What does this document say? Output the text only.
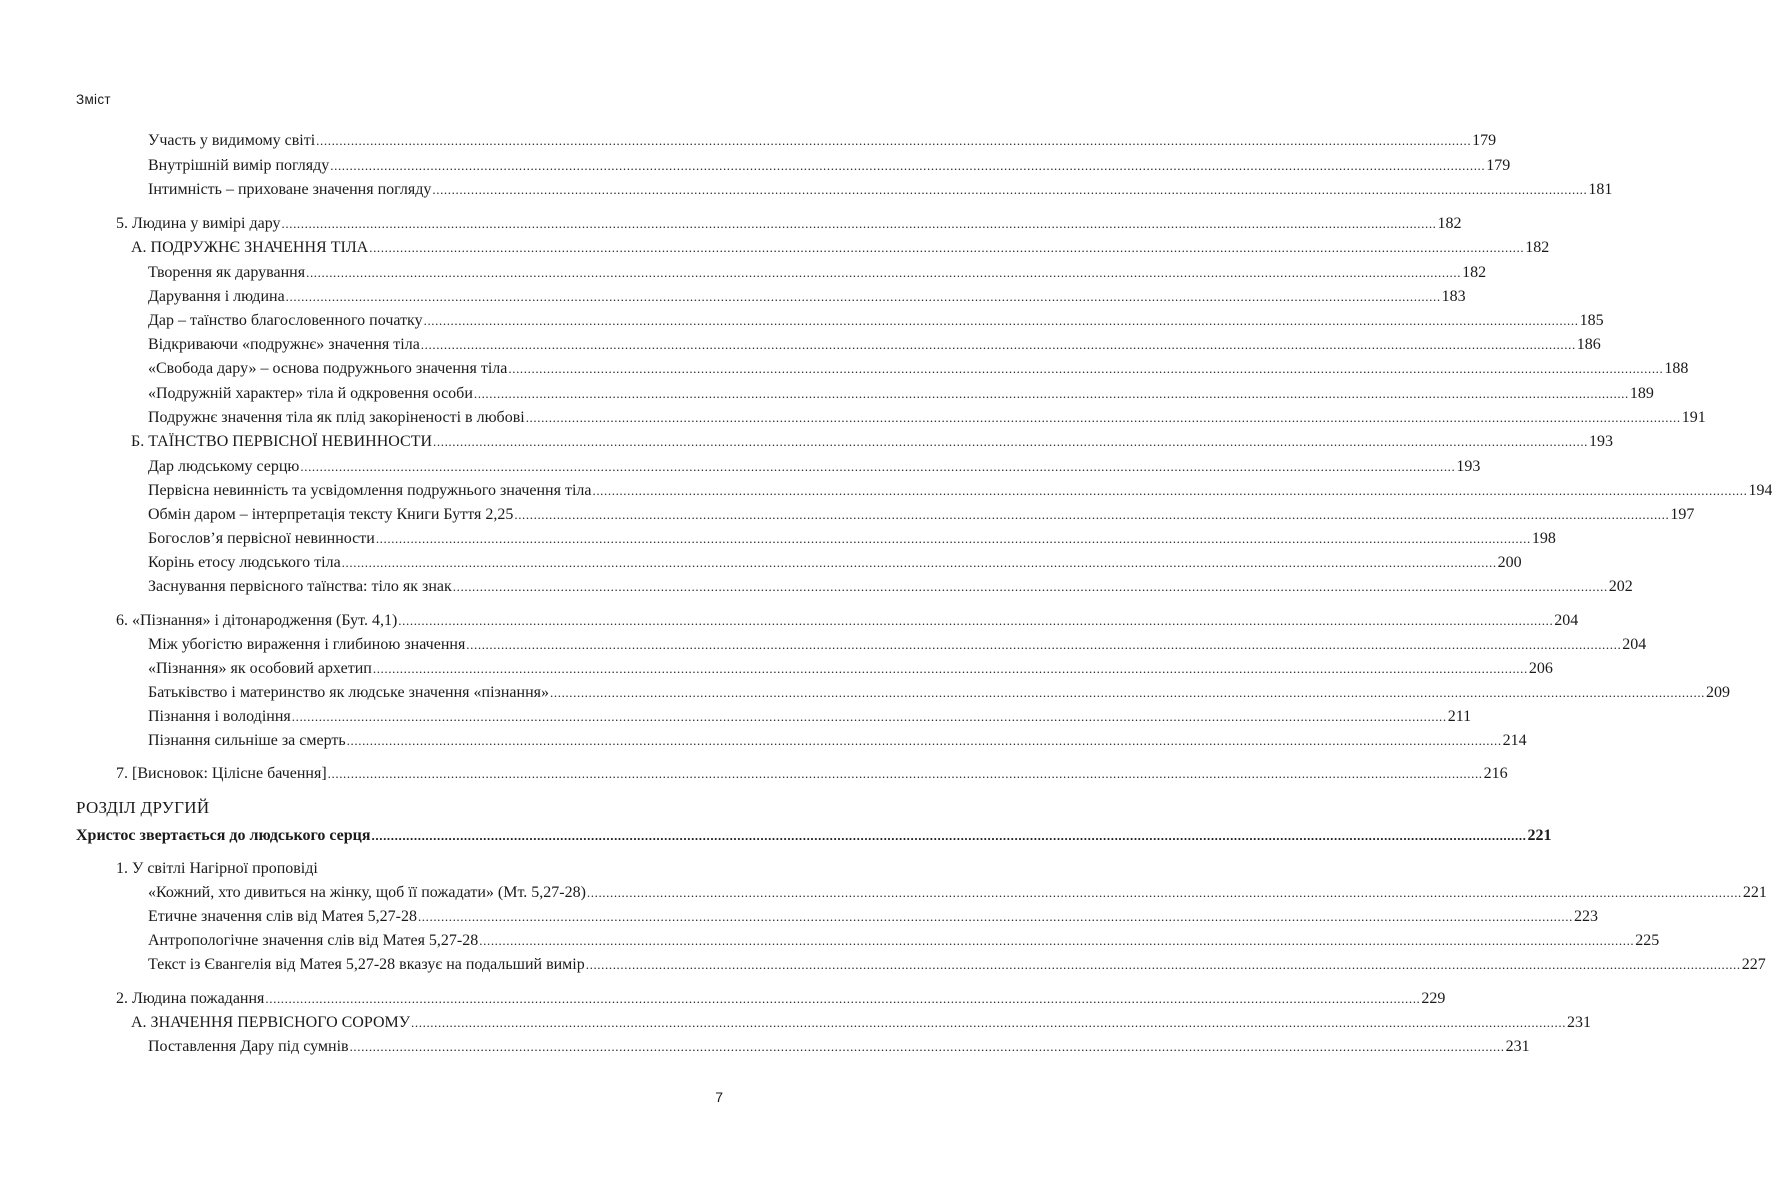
Зміст
Участь у видимому світі ............................................................................................................................................................................................................................................................................................................ 179
Внутрішній вимір погляду ............................................................................................................................................................................................................................................................................................................ 179
Інтимність – приховане значення погляду ............................................................................................................................................................................................................................................................................................................ 181
5. Людина у вимірі дару ............................................................................................................................................................................................................................................................................................................ 182
А. ПОДРУЖНЄ ЗНАЧЕННЯ ТІЛА ............................................................................................................................................................................................................................................................................................................ 182
Творення як дарування ............................................................................................................................................................................................................................................................................................................ 182
Дарування і людина ............................................................................................................................................................................................................................................................................................................ 183
Дар – таїнство благословенного початку ............................................................................................................................................................................................................................................................................................................ 185
Відкриваючи «подружнє» значення тіла ............................................................................................................................................................................................................................................................................................................ 186
«Свобода дару» – основа подружнього значення тіла ............................................................................................................................................................................................................................................................................................................ 188
«Подружній характер» тіла й одкровення особи ............................................................................................................................................................................................................................................................................................................ 189
Подружнє значення тіла як плід закоріненості в любові ............................................................................................................................................................................................................................................................................................................ 191
Б. ТАЇНСТВО ПЕРВІСНОЇ НЕВИННОСТИ ............................................................................................................................................................................................................................................................................................................ 193
Дар людському серцю ............................................................................................................................................................................................................................................................................................................ 193
Первісна невинність та усвідомлення подружнього значення тіла ............................................................................................................................................................................................................................................................................................................ 194
Обмін даром – інтерпретація тексту Книги Буття 2,25 ............................................................................................................................................................................................................................................................................................................ 197
Богослов’я первісної невинности ............................................................................................................................................................................................................................................................................................................ 198
Корінь етосу людського тіла ............................................................................................................................................................................................................................................................................................................ 200
Заснування первісного таїнства: тіло як знак ............................................................................................................................................................................................................................................................................................................ 202
6. «Пізнання» і дітонародження (Бут. 4,1) ............................................................................................................................................................................................................................................................................................................ 204
Між убогістю вираження і глибиною значення ............................................................................................................................................................................................................................................................................................................ 204
«Пізнання» як особовий архетип ............................................................................................................................................................................................................................................................................................................ 206
Батьківство і материнство як людське значення «пізнання» ............................................................................................................................................................................................................................................................................................................ 209
Пізнання і володіння ............................................................................................................................................................................................................................................................................................................ 211
Пізнання сильніше за смерть ............................................................................................................................................................................................................................................................................................................ 214
7. [Висновок: Цілісне бачення] ............................................................................................................................................................................................................................................................................................................ 216
РОЗДІЛ ДРУГИЙ
Христос звертається до людського серця ............................................................................................................................................................................................................................................................................................................ 221
1. У світлі Нагірної проповіді
«Кожний, хто дивиться на жінку, щоб її пожадати» (Мт. 5,27-28) ............................................................................................................................................................................................................................................................................................................ 221
Етичне значення слів від Матея 5,27-28 ............................................................................................................................................................................................................................................................................................................ 223
Антропологічне значення слів від Матея 5,27-28 ............................................................................................................................................................................................................................................................................................................ 225
Текст із Євангелія від Матея 5,27-28 вказує на подальший вимір ............................................................................................................................................................................................................................................................................................................ 227
2. Людина пожадання ............................................................................................................................................................................................................................................................................................................ 229
А. ЗНАЧЕННЯ ПЕРВІСНОГО СОРОМУ ............................................................................................................................................................................................................................................................................................................ 231
Поставлення Дару під сумнів ............................................................................................................................................................................................................................................................................................................ 231
7
